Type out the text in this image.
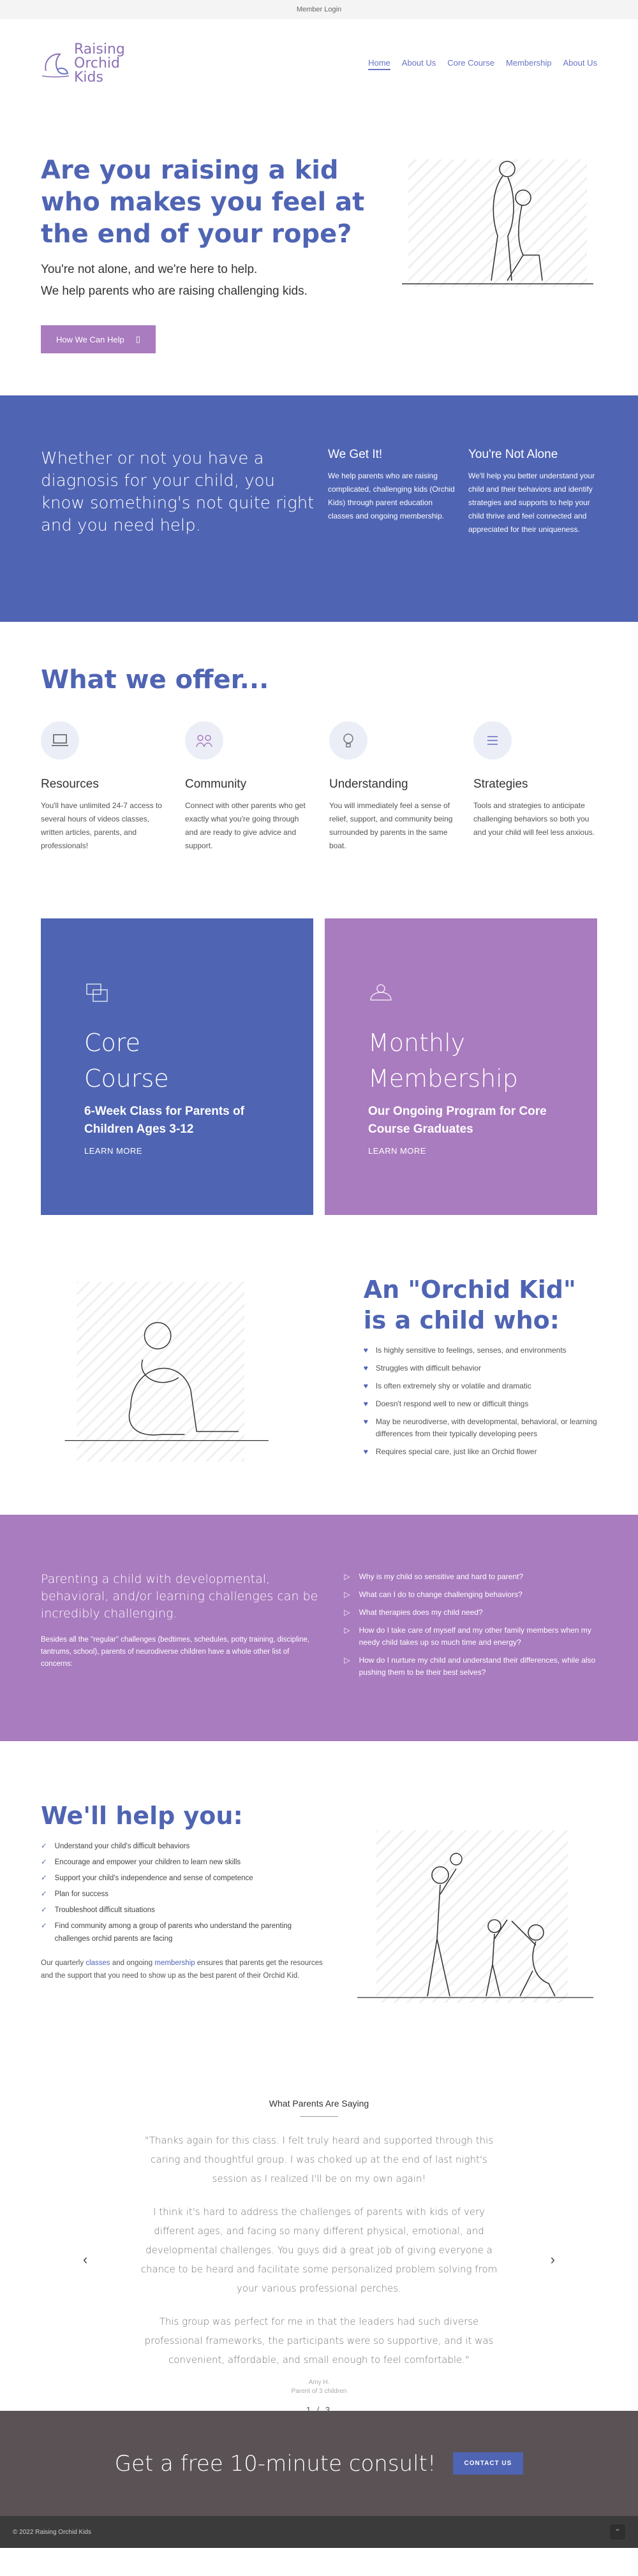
Member Login
Raising
Orchid
Kids
Home About Us Core Course Membership About Us
Are you raising a kid who makes you feel at the end of your rope?

You're not alone, and we're here to help.

We help parents who are raising challenging kids.

How We Can Help ▯
Whether or not you have a diagnosis for your child, you know something's not quite right and you need help.
We Get It!

We help parents who are raising complicated, challenging kids (Orchid Kids) through parent education classes and ongoing membership.

You're Not Alone

We'll help you better understand your child and their behaviors and identify strategies and supports to help your child thrive and feel connected and appreciated for their uniqueness.

What we offer...
Resources

You'll have unlimited 24-7 access to several hours of videos classes, written articles, parents, and professionals!

Community

Connect with other parents who get exactly what you're going through and are ready to give advice and support.

Understanding

You will immediately feel a sense of relief, support, and community being surrounded by parents in the same boat.

Strategies

Tools and strategies to anticipate challenging behaviors so both you and your child will feel less anxious.

Core
Course
6-Week Class for Parents of Children Ages 3-12
LEARN MORE
Monthly
Membership
Our Ongoing Program for Core Course Graduates
LEARN MORE
An "Orchid Kid" is a child who:
♥ Is highly sensitive to feelings, senses, and environments
♥ Struggles with difficult behavior
♥ Is often extremely shy or volatile and dramatic
♥ Doesn't respond well to new or difficult things
♥ May be neurodiverse, with developmental, behavioral, or learning differences from their typically developing peers
♥ Requires special care, just like an Orchid flower
Parenting a child with developmental, behavioral, and/or learning challenges can be incredibly challenging.

Besides all the "regular" challenges (bedtimes, schedules, potty training, discipline, tantrums, school), parents of neurodiverse children have a whole other list of concerns:

▷ Why is my child so sensitive and hard to parent?
▷ What can I do to change challenging behaviors?
▷ What therapies does my child need?
▷ How do I take care of myself and my other family members when my needy child takes up so much time and energy?
▷ How do I nurture my child and understand their differences, while also pushing them to be their best selves?
We'll help you:
✓ Understand your child's difficult behaviors
✓ Encourage and empower your children to learn new skills
✓ Support your child's independence and sense of competence
✓ Plan for success
✓ Troubleshoot difficult situations
✓ Find community among a group of parents who understand the parenting challenges orchid parents are facing

Our quarterly classes and ongoing membership ensures that parents get the resources and the support that you need to show up as the best parent of their Orchid Kid.

What Parents Are Saying

"Thanks again for this class. I felt truly heard and supported through this caring and thoughtful group. I was choked up at the end of last night's session as I realized I'll be on my own again!

I think it's hard to address the challenges of parents with kids of very different ages, and facing so many different physical, emotional, and developmental challenges. You guys did a great job of giving everyone a chance to be heard and facilitate some personalized problem solving from your various professional perches.

This group was perfect for me in that the leaders had such diverse professional frameworks, the participants were so supportive, and it was convenient, affordable, and small enough to feel comfortable."

Amy H.
Parent of 3 children
1 / 3
‹	›
Get a free 10-minute consult!	CONTACT US
© 2022 Raising Orchid Kids	⌃
